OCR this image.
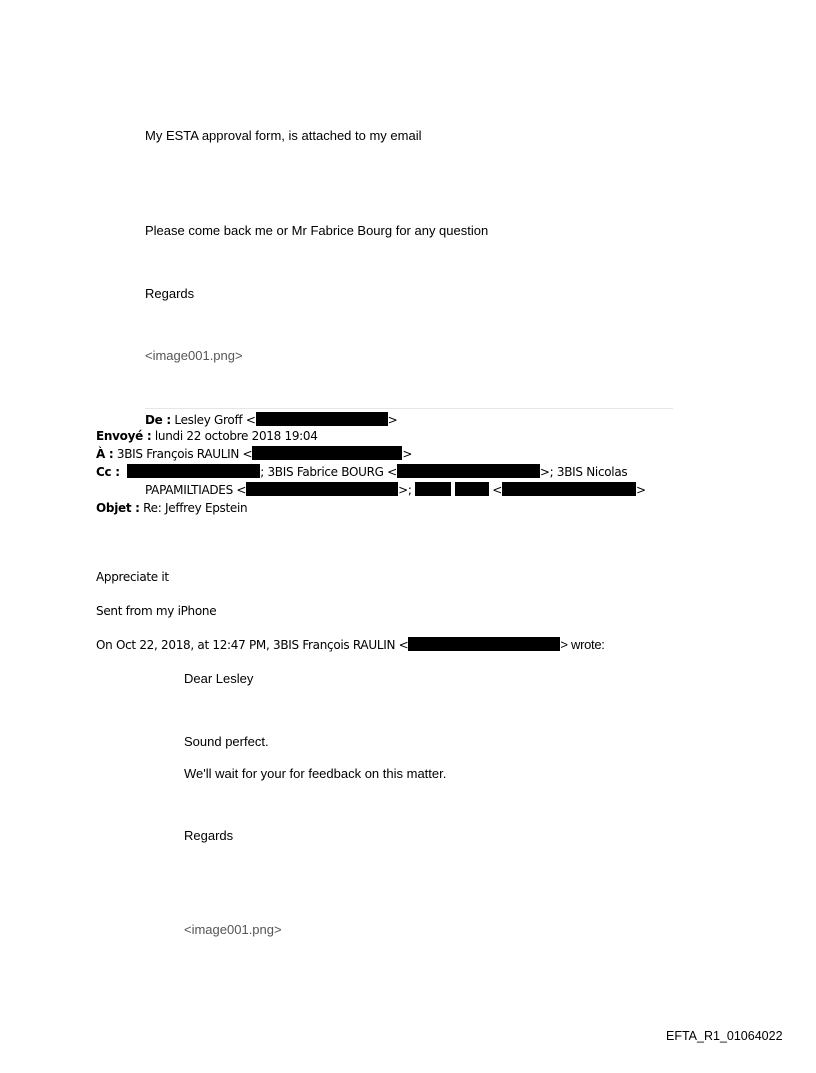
My ESTA approval form, is attached to my email
Please come back me or Mr Fabrice Bourg for any question
Regards
<image001.png>
De : Lesley Groff <	>
Envoyé : lundi 22 octobre 2018 19:04
À : 3BIS François RAULIN <	>
Cc :	; 3BIS Fabrice BOURG <	>; 3BIS Nicolas
PAPAMILTIADES <	>;	<	>
Objet : Re: Jeffrey Epstein
Appreciate it
Sent from my iPhone
On Oct 22, 2018, at 12:47 PM, 3BIS François RAULIN <	> wrote:
Dear Lesley
Sound perfect.
We'll wait for your for feedback on this matter.
Regards
<image001.png>
EFTA_R1_01064022
